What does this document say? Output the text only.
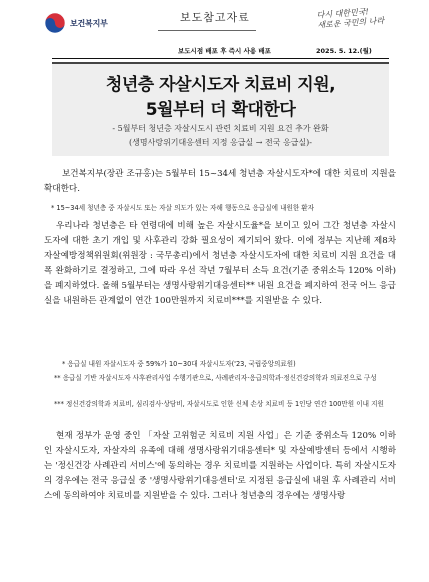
보건복지부	보도참고자료	다시 대한민국!
새로운 국민의 나라
보도시점 배포 후 즉시 사용 배포	2025. 5. 12.(월)
청년층 자살시도자 치료비 지원,
5월부터 더 확대한다
- 5월부터 청년층 자살시도시 관련 치료비 지원 요건 추가 완화
(생명사랑위기대응센터 지정 응급실 → 전국 응급실)-
보건복지부(장관 조규홍)는 5월부터 15~34세 청년층 자살시도자*에 대한 치료비 지원을 확대한다.
* 15~34세 청년층 중 자살시도 또는 자살 의도가 있는 자해 행동으로 응급실에 내원한 환자
우리나라 청년층은 타 연령대에 비해 높은 자살시도율*을 보이고 있어 그간 청년층 자살시도자에 대한 초기 개입 및 사후관리 강화 필요성이 제기되어 왔다. 이에 정부는 지난해 제8차 자살예방정책위원회(위원장 : 국무총리)에서 청년층 자살시도자에 대한 치료비 지원 요건을 대폭 완화하기로 결정하고, 그에 따라 우선 작년 7월부터 소득 요건(기준 중위소득 120% 이하)을 폐지하였다. 올해 5월부터는 생명사랑위기대응센터** 내원 요건을 폐지하여 전국 어느 응급실을 내원하든 관계없이 연간 100만원까지 치료비***를 지원받을 수 있다.
* 응급실 내원 자살시도자 중 59%가 10~30대 자살시도자('23, 국립중앙의료원)
** 응급실 기반 자살시도자 사후관리사업 수행기관으로, 사례관리자·응급의학과·정신건강의학과 의료진으로 구성
*** 정신건강의학과 치료비, 심리검사·상담비, 자살시도로 인한 신체 손상 치료비 등 1인당 연간 100만원 이내 지원
현재 정부가 운영 중인 「자살 고위험군 치료비 지원 사업」은 기준 중위소득 120% 이하인 자살시도자, 자살자의 유족에 대해 생명사랑위기대응센터* 및 자살예방센터 등에서 시행하는 '정신건강 사례관리 서비스'에 동의하는 경우 치료비를 지원하는 사업이다. 특히 자살시도자의 경우에는 전국 응급실 중 '생명사랑위기대응센터'로 지정된 응급실에 내원 후 사례관리 서비스에 동의하여야 치료비를 지원받을 수 있다. 그러나 청년층의 경우에는 생명사랑
